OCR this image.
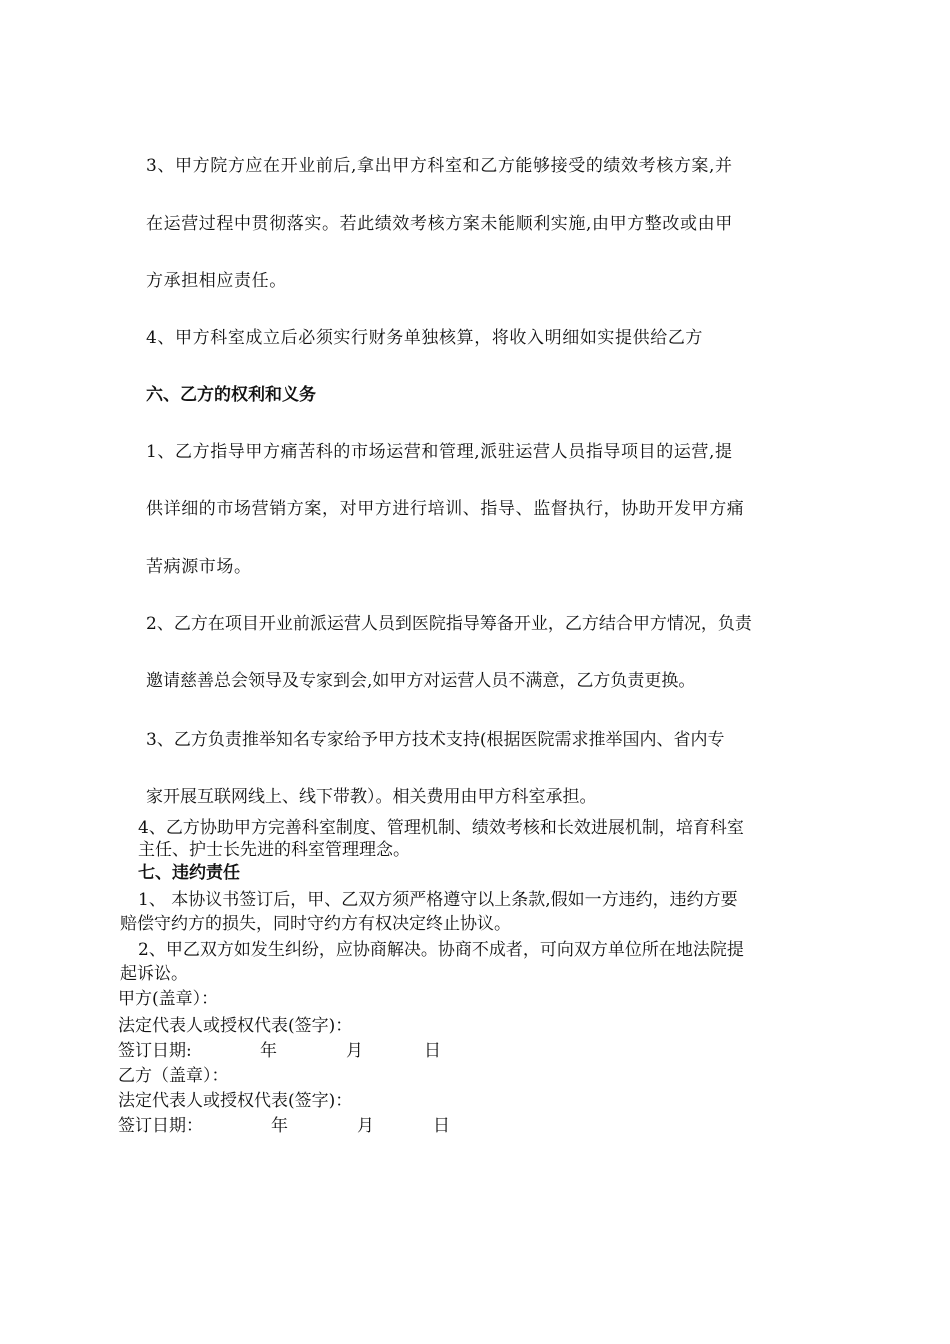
3、甲方院方应在开业前后,拿出甲方科室和乙方能够接受的绩效考核方案,并
在运营过程中贯彻落实。若此绩效考核方案未能顺利实施,由甲方整改或由甲
方承担相应责任。
4、甲方科室成立后必须实行财务单独核算，将收入明细如实提供给乙方
六、乙方的权利和义务
1、乙方指导甲方痛苦科的市场运营和管理,派驻运营人员指导项目的运营,提
供详细的市场营销方案，对甲方进行培训、指导、监督执行，协助开发甲方痛
苦病源市场。
2、乙方在项目开业前派运营人员到医院指导筹备开业，乙方结合甲方情况，负责
邀请慈善总会领导及专家到会,如甲方对运营人员不满意，乙方负责更换。
3、乙方负责推举知名专家给予甲方技术支持(根据医院需求推举国内、省内专
家开展互联网线上、线下带教）。相关费用由甲方科室承担。
4、乙方协助甲方完善科室制度、管理机制、绩效考核和长效进展机制，培育科室
主任、护士长先进的科室管理理念。
七、违约责任
1、 本协议书签订后，甲、乙双方须严格遵守以上条款,假如一方违约，违约方要
赔偿守约方的损失，同时守约方有权决定终止协议。
2、甲乙双方如发生纠纷，应协商解决。协商不成者，可向双方单位所在地法院提
起诉讼。
甲方(盖章）：
法定代表人或授权代表(签字)：
签订日期:	年	月	日
乙方（盖章）：
法定代表人或授权代表(签字)：
签订日期：	年	月	日
